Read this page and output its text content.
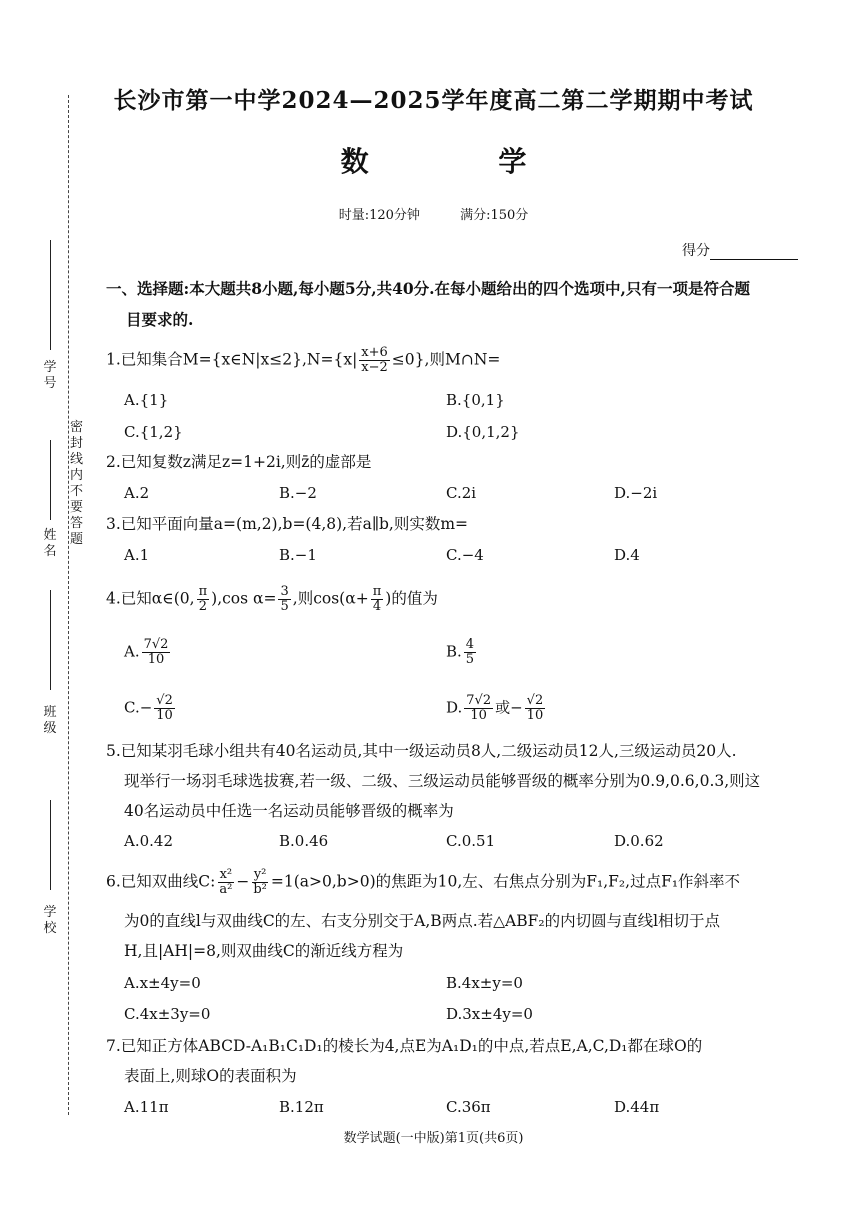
学号
姓名
班级
学校
密封线内不要答题
长沙市第一中学2024—2025学年度高二第二学期期中考试
数 学
时量:120分钟	满分:150分
得分
一、选择题:本大题共8小题,每小题5分,共40分.在每小题给出的四个选项中,只有一项是符合题
目要求的.
1.已知集合M={x∈N|x≤2},N={x| $\frac{x+6}{x-2} \le 0$},则M∩N=
A.{1}	B.{0,1}
C.{1,2}	D.{0,1,2}
2.已知复数z满足z=1+2i,则z̄的虚部是
A.2	B.−2	C.2i	D.−2i
3.已知平面向量a=(m,2),b=(4,8),若a∥b,则实数m=
A.1	B.−1	C.−4	D.4
4.已知α∈(0, $\frac{\pi}{2} ),\cos$ $\alpha= \frac{3}{5}$ ,则$\cos(\alpha+ \frac{\pi}{4}$ )的值为
A. $\frac{7√2}{10}$	B. $\frac{4}{5}$
$C.- \frac{√2}{10}$	D. $\frac{7√2}{10}$ 或− $\frac{√2}{10}$
5.已知某羽毛球小组共有40名运动员,其中一级运动员8人,二级运动员12人,三级运动员20人.
现举行一场羽毛球选拔赛,若一级、二级、三级运动员能够晋级的概率分别为0.9,0.6,0.3,则这
40名运动员中任选一名运动员能够晋级的概率为
A.0.42	B.0.46	C.0.51	D.0.62
6.已知双曲线C: $\frac{\text{x²}}{\text{a²}} - \frac{\text{y²}}{\text{b²}} =1(a>0,b>0)$的焦距为10,左、右焦点分别为F₁,F₂,过点F₁作斜率不
为0的直线l与双曲线C的左、右支分别交于A,B两点.若△ABF₂的内切圆与直线l相切于点
H,且|AH|=8,则双曲线C的渐近线方程为
A.x±4y=0	B.4x±y=0
C.4x±3y=0	D.3x±4y=0
7.已知正方体ABCD-A₁B₁C₁D₁的棱长为4,点E为A₁D₁的中点,若点E,A,C,D₁都在球O的
表面上,则球O的表面积为
A.11π	B.12π	C.36π	D.44π
数学试题(一中版)第1页(共6页)
